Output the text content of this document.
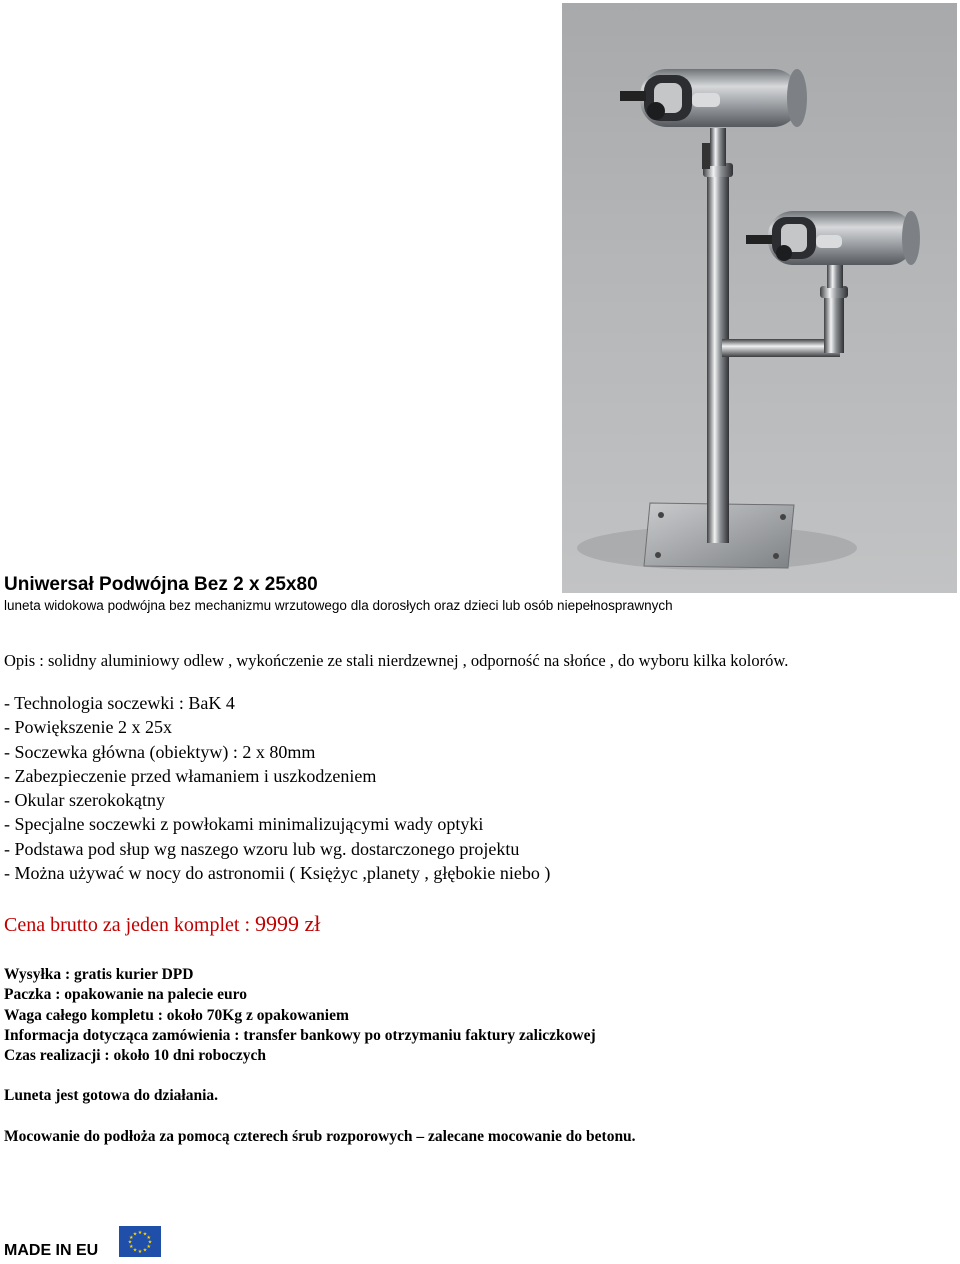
Uniwersał Podwójna Bez 2 x 25x80
luneta widokowa podwójna bez mechanizmu wrzutowego dla dorosłych oraz dzieci lub osób niepełnosprawnych
Opis : solidny aluminiowy odlew , wykończenie ze stali nierdzewnej , odporność na słońce , do wyboru kilka kolorów.
- Technologia soczewki : BaK 4
- Powiększenie 2 x 25x
- Soczewka główna (obiektyw) : 2 x 80mm
- Zabezpieczenie przed włamaniem i uszkodzeniem
- Okular szerokokątny
- Specjalne soczewki z powłokami minimalizującymi wady optyki
- Podstawa pod słup wg naszego wzoru lub wg. dostarczonego projektu
- Można używać w nocy do astronomii ( Księżyc ,planety , głębokie niebo )
Cena brutto za jeden komplet : 9999 zł
Wysyłka : gratis kurier DPD
Paczka : opakowanie na palecie euro
Waga całego kompletu : około 70Kg z opakowaniem
Informacja dotycząca zamówienia : transfer bankowy po otrzymaniu faktury zaliczkowej
Czas realizacji : około 10 dni roboczych
Luneta jest gotowa do działania.
Mocowanie do podłoża za pomocą czterech śrub rozporowych – zalecane mocowanie do betonu.
MADE IN EU
★ ★
★
★
★
★
★
★
★
★
★
★
